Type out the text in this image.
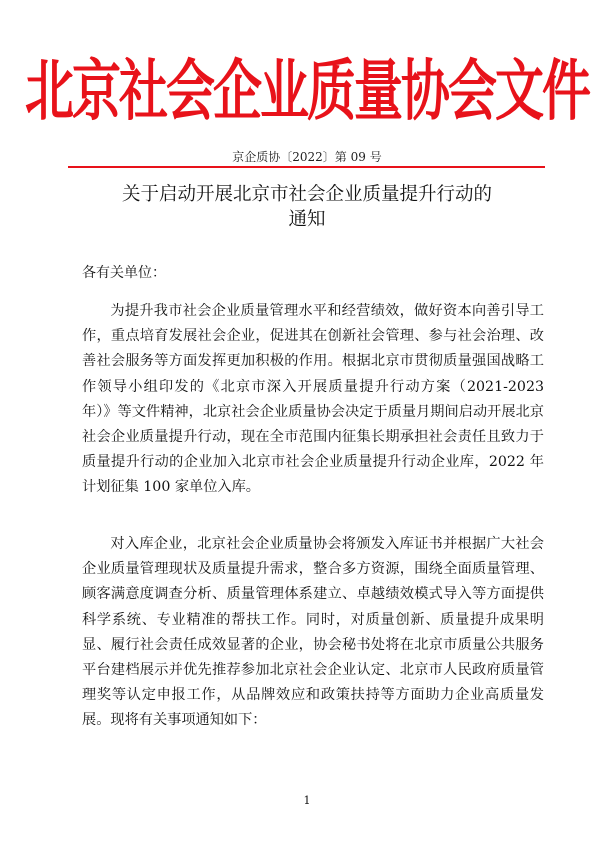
北京社会企业质量协会文件
京企质协〔2022〕第 09 号
关于启动开展北京市社会企业质量提升行动的
通知
各有关单位：

为提升我市社会企业质量管理水平和经营绩效，做好资本向善引导工作，重点培育发展社会企业，促进其在创新社会管理、参与社会治理、改善社会服务等方面发挥更加积极的作用。根据北京市贯彻质量强国战略工作领导小组印发的《北京市深入开展质量提升行动方案（2021-2023 年）》等文件精神，北京社会企业质量协会决定于质量月期间启动开展北京社会企业质量提升行动，现在全市范围内征集长期承担社会责任且致力于质量提升行动的企业加入北京市社会企业质量提升行动企业库，2022 年计划征集 100 家单位入库。

对入库企业，北京社会企业质量协会将颁发入库证书并根据广大社会企业质量管理现状及质量提升需求，整合多方资源，围绕全面质量管理、顾客满意度调查分析、质量管理体系建立、卓越绩效模式导入等方面提供科学系统、专业精准的帮扶工作。同时，对质量创新、质量提升成果明显、履行社会责任成效显著的企业，协会秘书处将在北京市质量公共服务平台建档展示并优先推荐参加北京社会企业认定、北京市人民政府质量管理奖等认定申报工作，从品牌效应和政策扶持等方面助力企业高质量发展。现将有关事项通知如下：

1
